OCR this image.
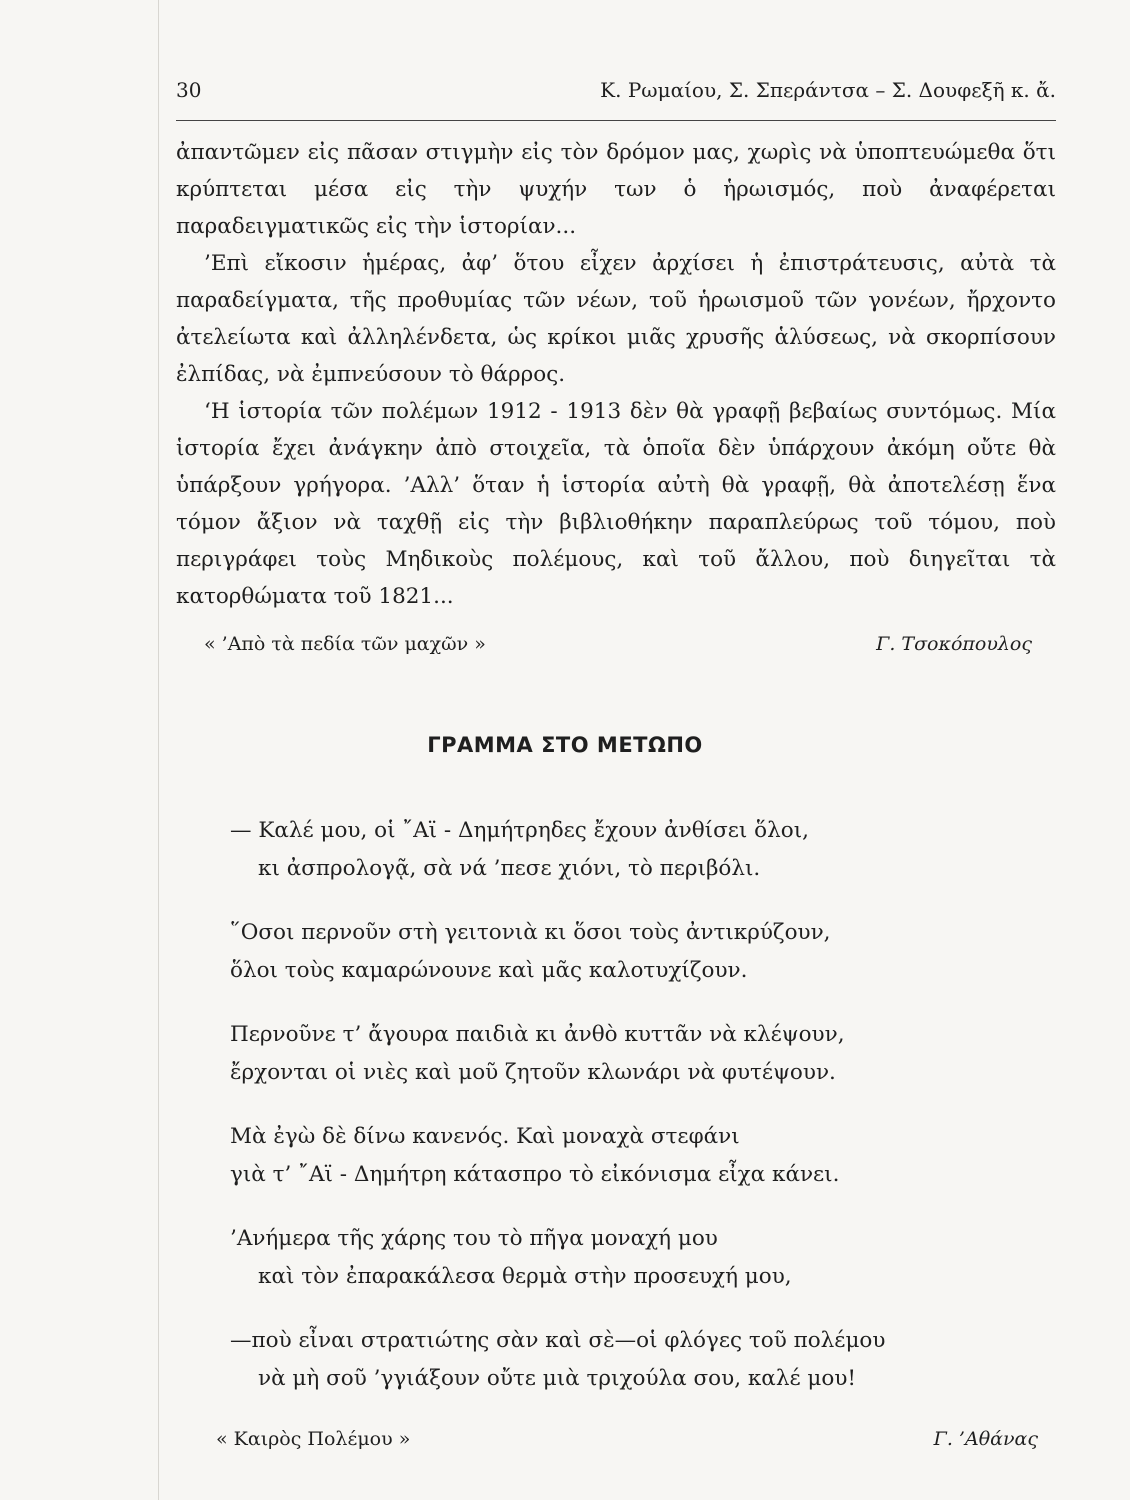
30	Κ. Ρωμαίου, Σ. Σπεράντσα – Σ. Δουφεξῆ κ. ἄ.

ἀπαντῶμεν εἰς πᾶσαν στιγμὴν εἰς τὸν δρόμον μας, χωρὶς νὰ ὑποπτευώμεθα ὅτι κρύπτεται μέσα εἰς τὴν ψυχήν των ὁ ἡρωισμός, ποὺ ἀναφέρεται παραδειγματικῶς εἰς τὴν ἱστορίαν...

’Επὶ εἴκοσιν ἡμέρας, ἀφ’ ὅτου εἶχεν ἀρχίσει ἡ ἐπιστράτευσις, αὐτὰ τὰ παραδείγματα, τῆς προθυμίας τῶν νέων, τοῦ ἡρωισμοῦ τῶν γονέων, ἤρχοντο ἀτελείωτα καὶ ἀλληλένδετα, ὡς κρίκοι μιᾶς χρυσῆς ἁλύσεως, νὰ σκορπίσουν ἐλπίδας, νὰ ἐμπνεύσουν τὸ θάρρος.

‘Η ἱστορία τῶν πολέμων 1912 - 1913 δὲν θὰ γραφῇ βεβαίως συντόμως. Μία ἱστορία ἔχει ἀνάγκην ἀπὸ στοιχεῖα, τὰ ὁποῖα δὲν ὑπάρχουν ἀκόμη οὔτε θὰ ὑπάρξουν γρήγορα. ’Αλλ’ ὅταν ἡ ἱστορία αὐτὴ θὰ γραφῇ, θὰ ἀποτελέσῃ ἕνα τόμον ἄξιον νὰ ταχθῇ εἰς τὴν βιβλιοθήκην παραπλεύρως τοῦ τόμου, ποὺ περιγράφει τοὺς Μηδικοὺς πολέμους, καὶ τοῦ ἄλλου, ποὺ διηγεῖται τὰ κατορθώματα τοῦ 1821...

« ’Απὸ τὰ πεδία τῶν μαχῶν »	Γ. Τσοκόπουλος
ΓΡΑΜΜΑ ΣΤΟ ΜΕΤΩΠΟ
— Καλέ μου, οἱ ῎Αϊ - Δημήτρηδες ἔχουν ἀνθίσει ὅλοι,
κι ἀσπρολογᾷ, σὰ νά ’πεσε χιόνι, τὸ περιβόλι.
῞Οσοι περνοῦν στὴ γειτονιὰ κι ὅσοι τοὺς ἀντικρύζουν,
ὅλοι τοὺς καμαρώνουνε καὶ μᾶς καλοτυχίζουν.
Περνοῦνε τ’ ἄγουρα παιδιὰ κι ἀνθὸ κυττᾶν νὰ κλέψουν,
ἔρχονται οἱ νιὲς καὶ μοῦ ζητοῦν κλωνάρι νὰ φυτέψουν.
Μὰ ἐγὼ δὲ δίνω κανενός. Καὶ μοναχὰ στεφάνι
γιὰ τ’ ῎Αϊ - Δημήτρη κάτασπρο τὸ εἰκόνισμα εἶχα κάνει.
’Ανήμερα τῆς χάρης του τὸ πῆγα μοναχή μου
καὶ τὸν ἐπαρακάλεσα θερμὰ στὴν προσευχή μου,
—ποὺ εἶναι στρατιώτης σὰν καὶ σὲ—οἱ φλόγες τοῦ πολέμου
νὰ μὴ σοῦ ’γγιάξουν οὔτε μιὰ τριχούλα σου, καλέ μου!
« Καιρὸς Πολέμου »	Γ. ’Αθάνας
